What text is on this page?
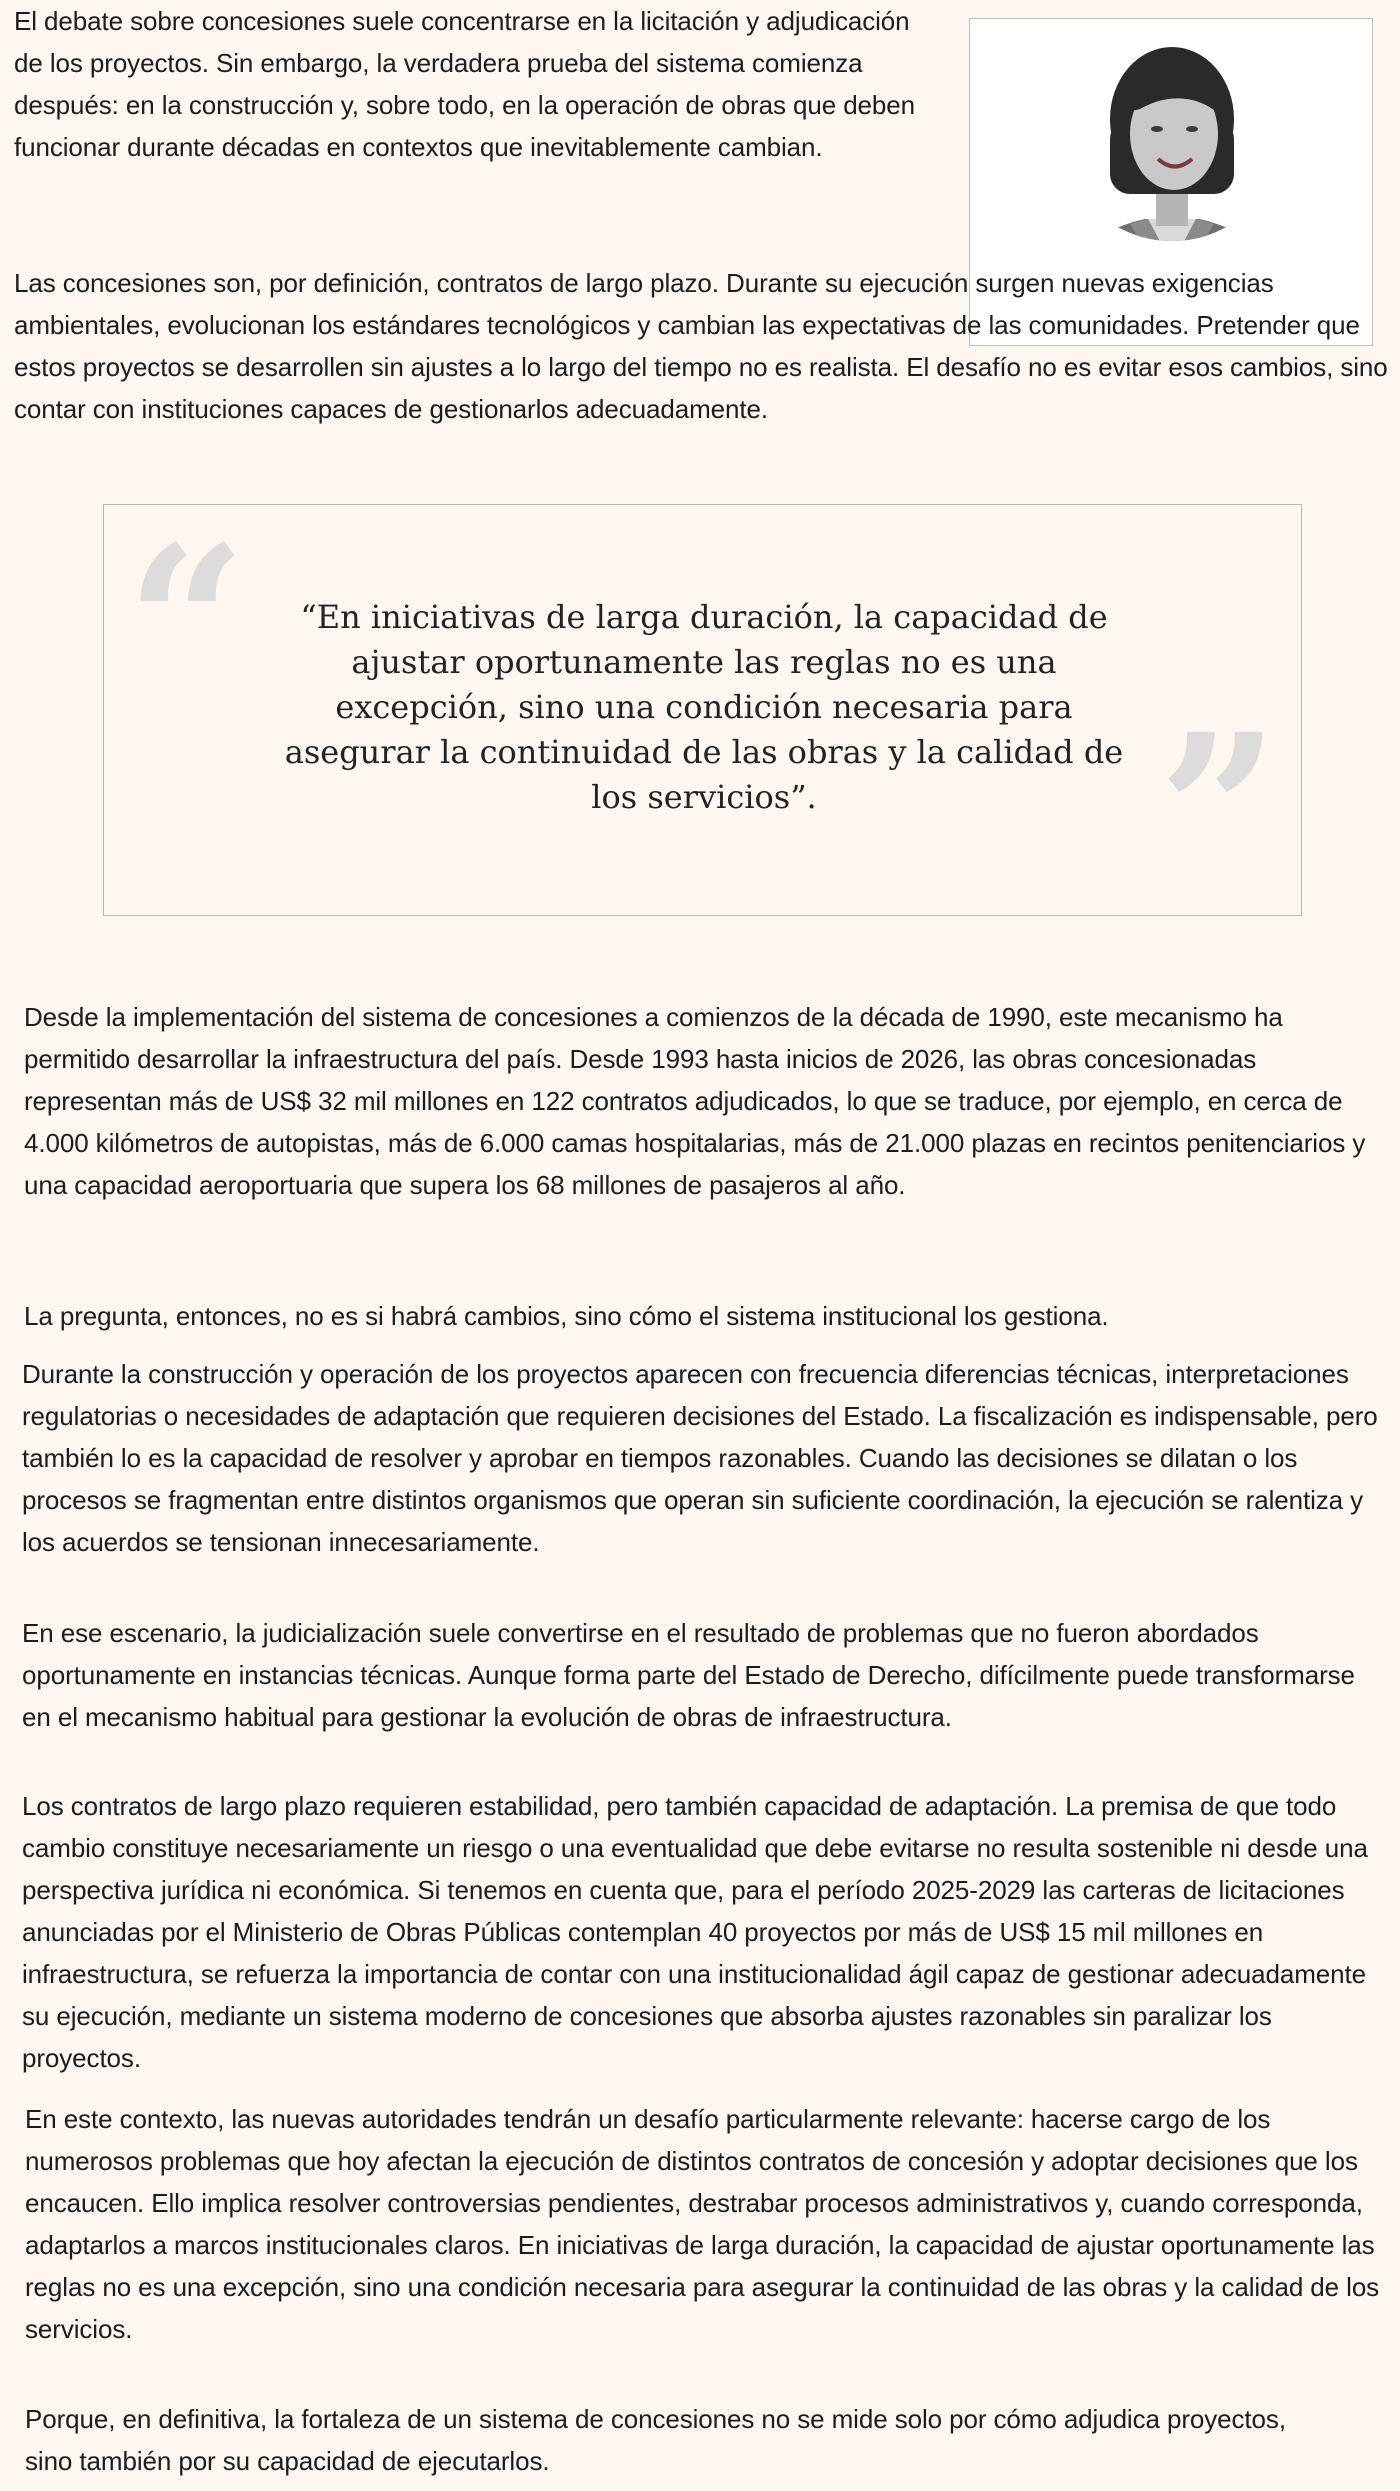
El debate sobre concesiones suele concentrarse en la licitación y adjudicación de los proyectos. Sin embargo, la verdadera prueba del sistema comienza después: en la construcción y, sobre todo, en la operación de obras que deben funcionar durante décadas en contextos que inevitablemente cambian.

Las concesiones son, por definición, contratos de largo plazo. Durante su ejecución surgen nuevas exigencias ambientales, evolucionan los estándares tecnológicos y cambian las expectativas de las comunidades. Pretender que estos proyectos se desarrollen sin ajustes a lo largo del tiempo no es realista. El desafío no es evitar esos cambios, sino contar con instituciones capaces de gestionarlos adecuadamente.

“	“En iniciativas de larga duración, la capacidad de ajustar oportunamente las reglas no es una excepción, sino una condición necesaria para asegurar la continuidad de las obras y la calidad de los servicios”.	”

Desde la implementación del sistema de concesiones a comienzos de la década de 1990, este mecanismo ha permitido desarrollar la infraestructura del país. Desde 1993 hasta inicios de 2026, las obras concesionadas representan más de US$ 32 mil millones en 122 contratos adjudicados, lo que se traduce, por ejemplo, en cerca de 4.000 kilómetros de autopistas, más de 6.000 camas hospitalarias, más de 21.000 plazas en recintos penitenciarios y una capacidad aeroportuaria que supera los 68 millones de pasajeros al año.

La pregunta, entonces, no es si habrá cambios, sino cómo el sistema institucional los gestiona.

Durante la construcción y operación de los proyectos aparecen con frecuencia diferencias técnicas, interpretaciones regulatorias o necesidades de adaptación que requieren decisiones del Estado. La fiscalización es indispensable, pero también lo es la capacidad de resolver y aprobar en tiempos razonables. Cuando las decisiones se dilatan o los procesos se fragmentan entre distintos organismos que operan sin suficiente coordinación, la ejecución se ralentiza y los acuerdos se tensionan innecesariamente.

En ese escenario, la judicialización suele convertirse en el resultado de problemas que no fueron abordados oportunamente en instancias técnicas. Aunque forma parte del Estado de Derecho, difícilmente puede transformarse en el mecanismo habitual para gestionar la evolución de obras de infraestructura.

Los contratos de largo plazo requieren estabilidad, pero también capacidad de adaptación. La premisa de que todo cambio constituye necesariamente un riesgo o una eventualidad que debe evitarse no resulta sostenible ni desde una perspectiva jurídica ni económica. Si tenemos en cuenta que, para el período 2025-2029 las carteras de licitaciones anunciadas por el Ministerio de Obras Públicas contemplan 40 proyectos por más de US$ 15 mil millones en infraestructura, se refuerza la importancia de contar con una institucionalidad ágil capaz de gestionar adecuadamente su ejecución, mediante un sistema moderno de concesiones que absorba ajustes razonables sin paralizar los proyectos.

En este contexto, las nuevas autoridades tendrán un desafío particularmente relevante: hacerse cargo de los numerosos problemas que hoy afectan la ejecución de distintos contratos de concesión y adoptar decisiones que los encaucen. Ello implica resolver controversias pendientes, destrabar procesos administrativos y, cuando corresponda, adaptarlos a marcos institucionales claros. En iniciativas de larga duración, la capacidad de ajustar oportunamente las reglas no es una excepción, sino una condición necesaria para asegurar la continuidad de las obras y la calidad de los servicios.

Porque, en definitiva, la fortaleza de un sistema de concesiones no se mide solo por cómo adjudica proyectos, sino también por su capacidad de ejecutarlos.
